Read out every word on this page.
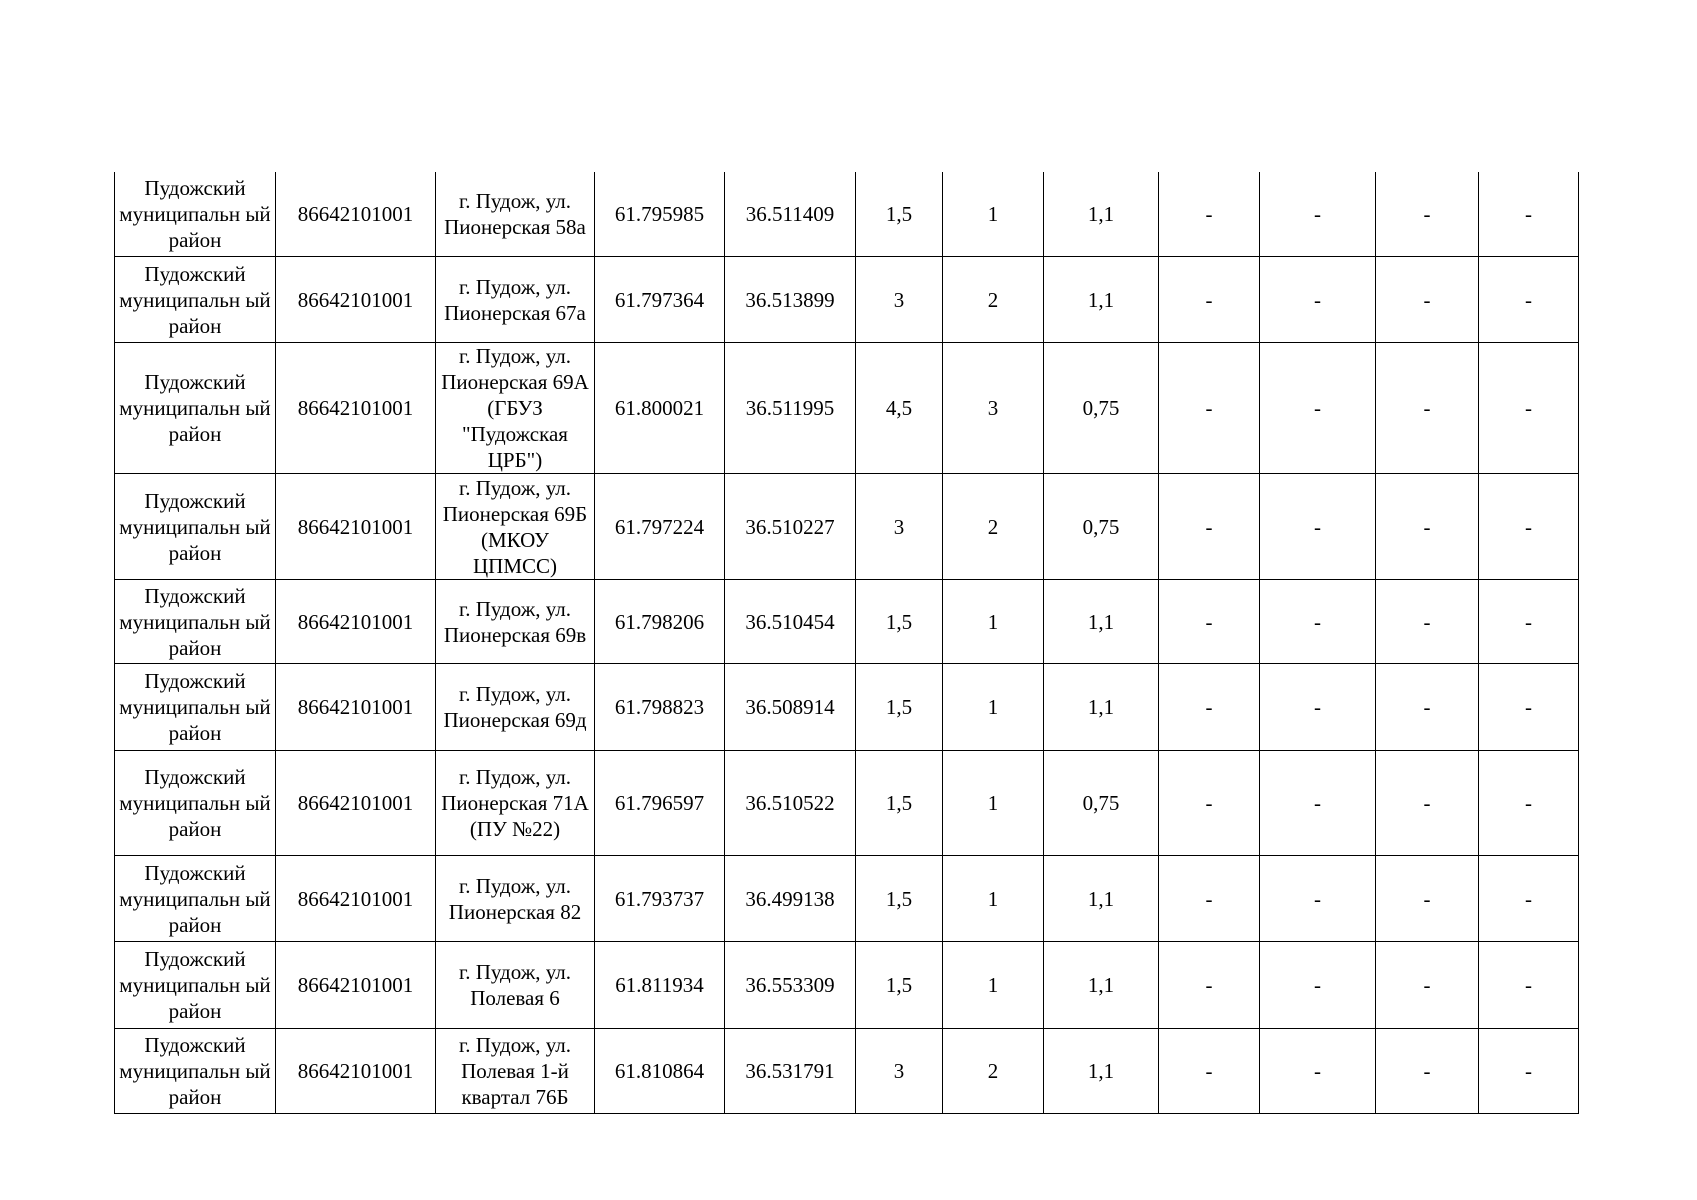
Пудожский муниципальн ый район	86642101001	г. Пудож, ул. Пионерская 58а	61.795985	36.511409	1,5	1	1,1	-	-	-	-
Пудожский муниципальн ый район	86642101001	г. Пудож, ул. Пионерская 67а	61.797364	36.513899	3	2	1,1	-	-	-	-
Пудожский муниципальн ый район	86642101001	г. Пудож, ул. Пионерская 69А (ГБУЗ "Пудожская ЦРБ")	61.800021	36.511995	4,5	3	0,75	-	-	-	-
Пудожский муниципальн ый район	86642101001	г. Пудож, ул. Пионерская 69Б (МКОУ ЦПМСС)	61.797224	36.510227	3	2	0,75	-	-	-	-
Пудожский муниципальн ый район	86642101001	г. Пудож, ул. Пионерская 69в	61.798206	36.510454	1,5	1	1,1	-	-	-	-
Пудожский муниципальн ый район	86642101001	г. Пудож, ул. Пионерская 69д	61.798823	36.508914	1,5	1	1,1	-	-	-	-
Пудожский муниципальн ый район	86642101001	г. Пудож, ул. Пионерская 71А (ПУ №22)	61.796597	36.510522	1,5	1	0,75	-	-	-	-
Пудожский муниципальн ый район	86642101001	г. Пудож, ул. Пионерская 82	61.793737	36.499138	1,5	1	1,1	-	-	-	-
Пудожский муниципальн ый район	86642101001	г. Пудож, ул. Полевая 6	61.811934	36.553309	1,5	1	1,1	-	-	-	-
Пудожский муниципальн ый район	86642101001	г. Пудож, ул. Полевая 1-й квартал 76Б	61.810864	36.531791	3	2	1,1	-	-	-	-
